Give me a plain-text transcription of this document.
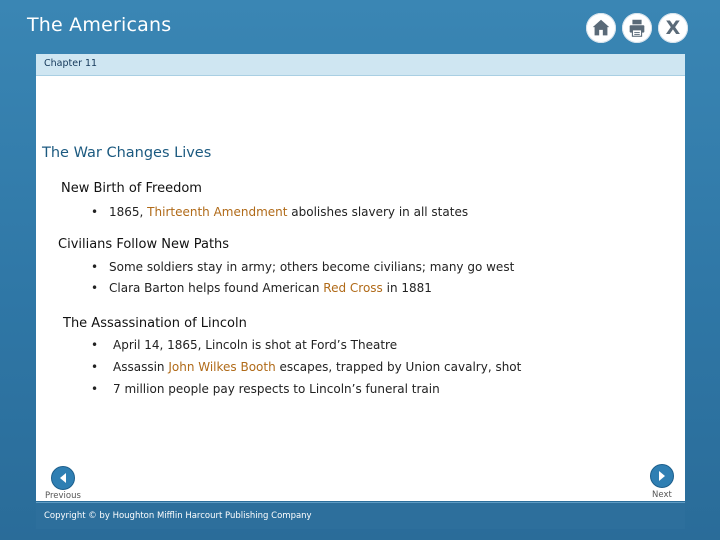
The Americans	X
Chapter 11
The War Changes Lives
New Birth of Freedom
• 1865, Thirteenth Amendment abolishes slavery in all states
Civilians Follow New Paths
• Some soldiers stay in army; others become civilians; many go west
• Clara Barton helps found American Red Cross in 1881
The Assassination of Lincoln
• April 14, 1865, Lincoln is shot at Ford’s Theatre
• Assassin John Wilkes Booth escapes, trapped by Union cavalry, shot
• 7 million people pay respects to Lincoln’s funeral train
Previous	Next
Copyright © by Houghton Mifflin Harcourt Publishing Company
